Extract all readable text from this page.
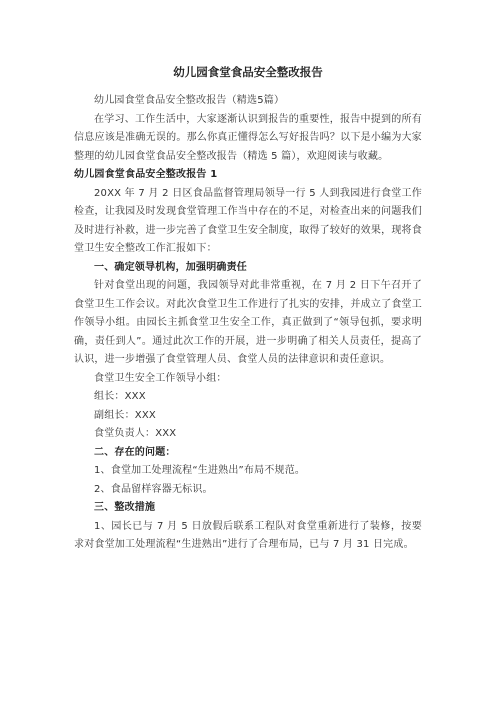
幼儿园食堂食品安全整改报告

幼儿园食堂食品安全整改报告（精选5篇）

在学习、工作生活中，大家逐渐认识到报告的重要性，报告中提到的所有信息应该是准确无误的。那么你真正懂得怎么写好报告吗？以下是小编为大家整理的幼儿园食堂食品安全整改报告（精选 5 篇），欢迎阅读与收藏。

幼儿园食堂食品安全整改报告 1

20XX 年 7 月 2 日区食品监督管理局领导一行 5 人到我园进行食堂工作检查，让我园及时发现食堂管理工作当中存在的不足，对检查出来的问题我们及时进行补救，进一步完善了食堂卫生安全制度，取得了较好的效果，现将食堂卫生安全整改工作汇报如下：

一、确定领导机构，加强明确责任

针对食堂出现的问题，我园领导对此非常重视，在 7 月 2 日下午召开了食堂卫生工作会议。对此次食堂卫生工作进行了扎实的安排，并成立了食堂工作领导小组。由园长主抓食堂卫生安全工作，真正做到了“领导包抓，要求明确，责任到人”。通过此次工作的开展，进一步明确了相关人员责任，提高了认识，进一步增强了食堂管理人员、食堂人员的法律意识和责任意识。

食堂卫生安全工作领导小组：

组长：XXX

副组长：XXX

食堂负责人：XXX

二、存在的问题：

1、食堂加工处理流程“生进熟出”布局不规范。

2、食品留样容器无标识。

三、整改措施

1、园长已与 7 月 5 日放假后联系工程队对食堂重新进行了装修，按要求对食堂加工处理流程“生进熟出”进行了合理布局，已与 7 月 31 日完成。
